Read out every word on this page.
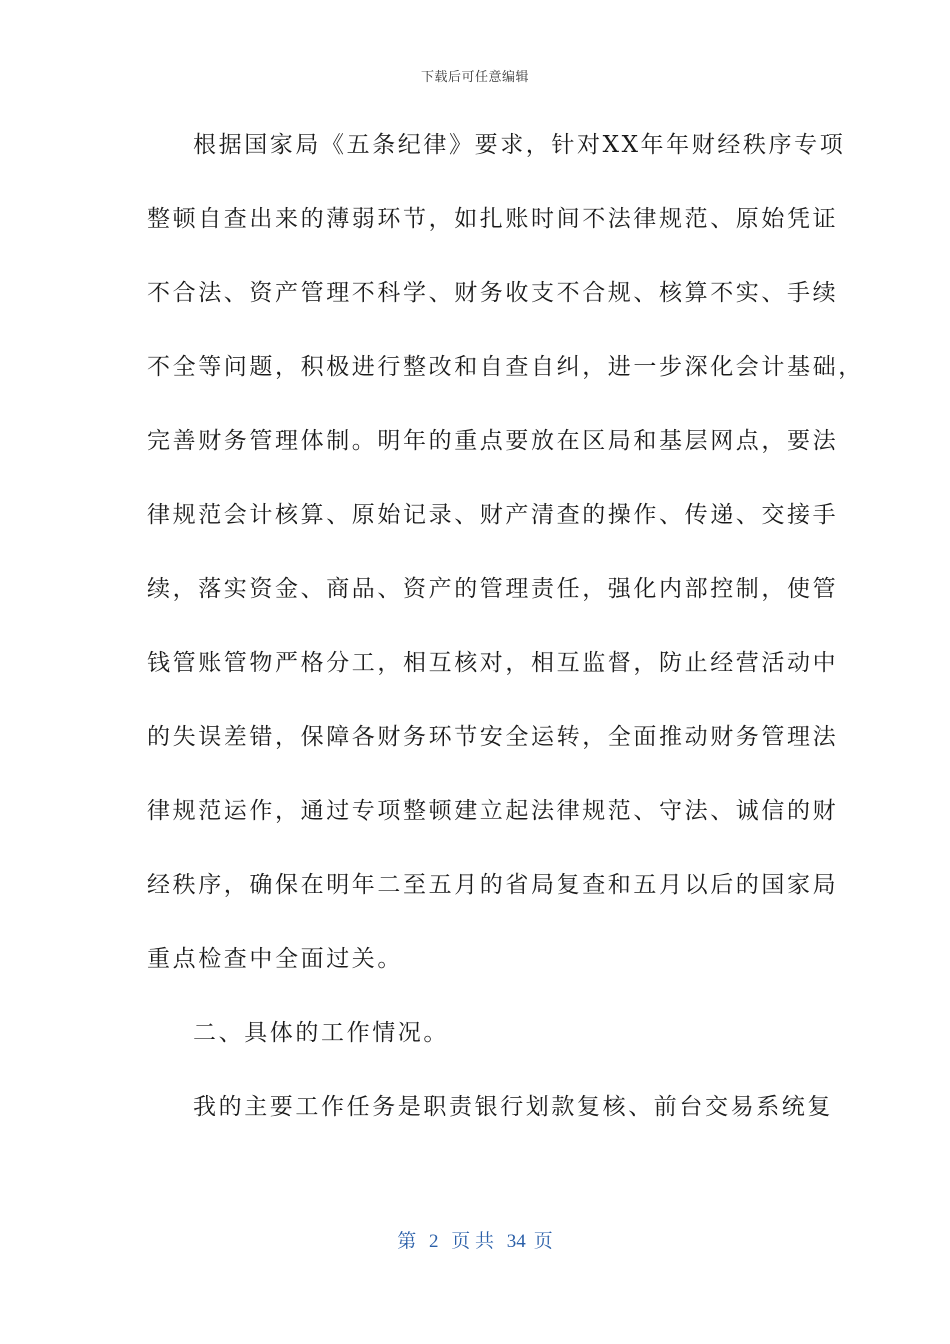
下载后可任意编辑
根据国家局《五条纪律》要求，针对XX年年财经秩序专项
整顿自查出来的薄弱环节，如扎账时间不法律规范、原始凭证
不合法、资产管理不科学、财务收支不合规、核算不实、手续
不全等问题，积极进行整改和自查自纠，进一步深化会计基础，
完善财务管理体制。明年的重点要放在区局和基层网点，要法
律规范会计核算、原始记录、财产清查的操作、传递、交接手
续，落实资金、商品、资产的管理责任，强化内部控制，使管
钱管账管物严格分工，相互核对，相互监督，防止经营活动中
的失误差错，保障各财务环节安全运转，全面推动财务管理法
律规范运作，通过专项整顿建立起法律规范、守法、诚信的财
经秩序，确保在明年二至五月的省局复查和五月以后的国家局
重点检查中全面过关。
二、具体的工作情况。
我的主要工作任务是职责银行划款复核、前台交易系统复
第 2 页 共 34 页
